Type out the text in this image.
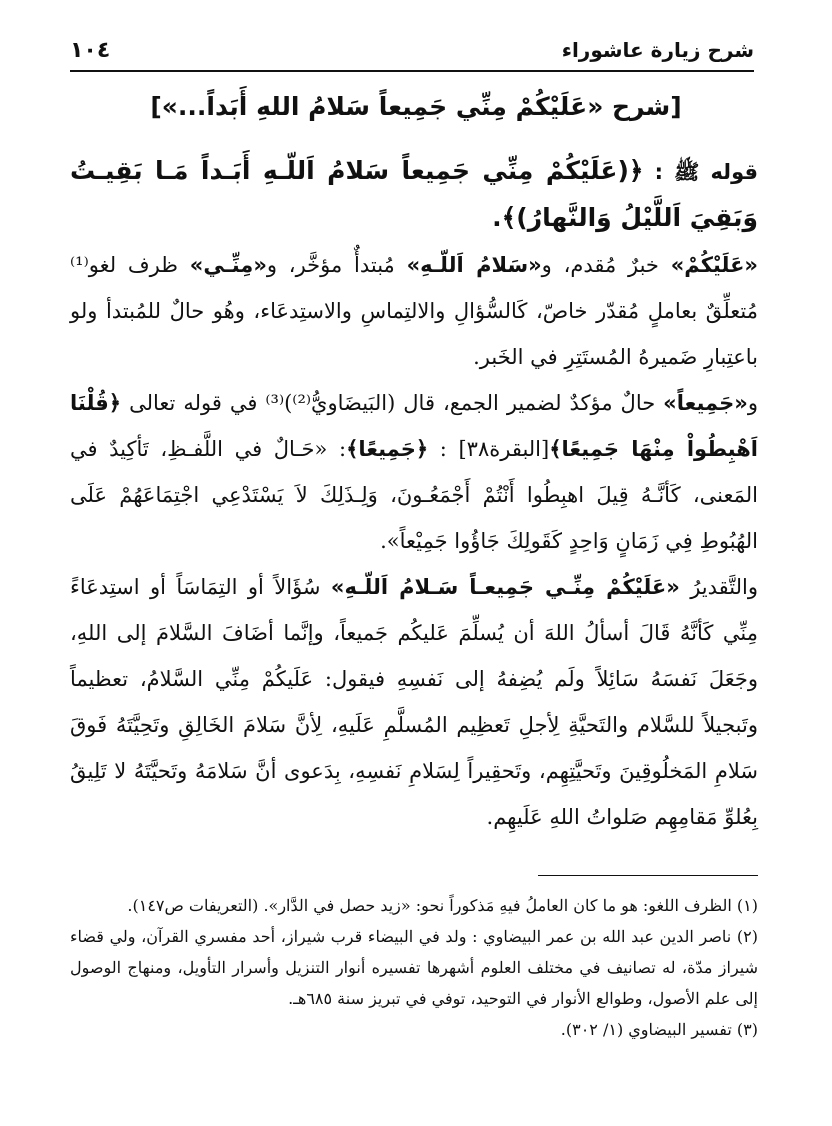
شرح زيارة عاشوراء
١٠٤
[شرح «عَلَيْكُمْ مِنِّي جَمِيعاً سَلامُ اللهِ أَبَداً...»]

قوله ﷺ : ﴿(عَلَيْكُمْ مِنِّي جَمِيعاً سَلامُ اَللّـهِ أَبَـداً مَـا بَقِيـتُ وَبَقِيَ اَللَّيْلُ وَالنَّهارُ)﴾.

«عَلَيْكُمْ» خبرٌ مُقدم، و«سَلامُ اَللّـهِ» مُبتدأٌ مؤخَّر، و«مِنِّـي» ظرف لغو⁽¹⁾ مُتعلِّقٌ بعاملٍ مُقدّر خاصّ، كَالسُّؤالِ والالتِماسِ والاستِدعَاء، وهُو حالٌ للمُبتدأ ولو باعتِبارِ ضَميرهُ المُستَتِرِ في الخَبر.

و«جَمِيعاً» حالٌ مؤكدٌ لضمير الجمع، قال (البَيضَاويُّ⁽²⁾)⁽³⁾ في قوله تعالى ﴿قُلْنَا اَهْبِطُواْ مِنْهَا جَمِيعًا﴾[البقرة٣٨] : ﴿جَمِيعًا﴾: «حَـالٌ في اللَّفـظِ، تَأكِيدٌ في المَعنى، كَأنَّـهُ قِيلَ اهبِطُوا أَنْتُمْ أَجْمَعُـونَ، وَلِـذَلِكَ لاَ يَسْتَدْعِي اجْتِمَاعَهُمْ عَلَى الهُبُوطِ فِي زَمَانٍ وَاحِدٍ كَقَولِكَ جَاؤُوا جَمِيْعاً».

والتَّقديرُ «عَلَيْكُمْ مِنِّـي جَمِيعـاً سَـلامُ اَللّـهِ» سُؤَالاً أو التِمَاسَاً أو استِدعَاءً مِنِّي كَأنَّهُ قَالَ أسألُ اللهَ أن يُسلِّمَ عَليكُم جَميعاً، وإنَّما أضَافَ السَّلامَ إلى اللهِ، وجَعَلَ نَفسَهُ سَائِلاً ولَم يُضِفهُ إلى نَفسِهِ فيقول: عَلَيكُمْ مِنِّي السَّلامُ، تعظيماً وتَبجيلاً للسَّلام والتَحيَّةِ لِأجلِ تَعظِيم المُسلَّمِ عَلَيهِ، لِأنَّ سَلامَ الخَالِقِ وتَحِيَّتَهُ فَوقَ سَلامِ المَخلُوقِينَ وتَحيَّتِهِم، وتَحقِيراً لِسَلامِ نَفسِهِ، بِدَعوى أنَّ سَلامَهُ وتَحيَّتَهُ لا تَلِيقُ بِعُلوِّ مَقامِهِم صَلواتُ اللهِ عَلَيهِم.

(١) الظرف اللغو: هو ما كان العاملُ فيهِ مَذكوراً نحو: «زيد حصل في الدَّار». (التعريفات ص١٤٧).

(٢) ناصر الدين عبد الله بن عمر البيضاوي : ولد في البيضاء قرب شيراز، أحد مفسري القرآن، ولي قضاء شيراز مدّة، له تصانيف في مختلف العلوم أشهرها تفسيره أنوار التنزيل وأسرار التأويل، ومنهاج الوصول إلى علم الأصول، وطوالع الأنوار في التوحيد، توفي في تبريز سنة ٦٨٥هـ.

(٣) تفسير البيضاوي (١/ ٣٠٢).
